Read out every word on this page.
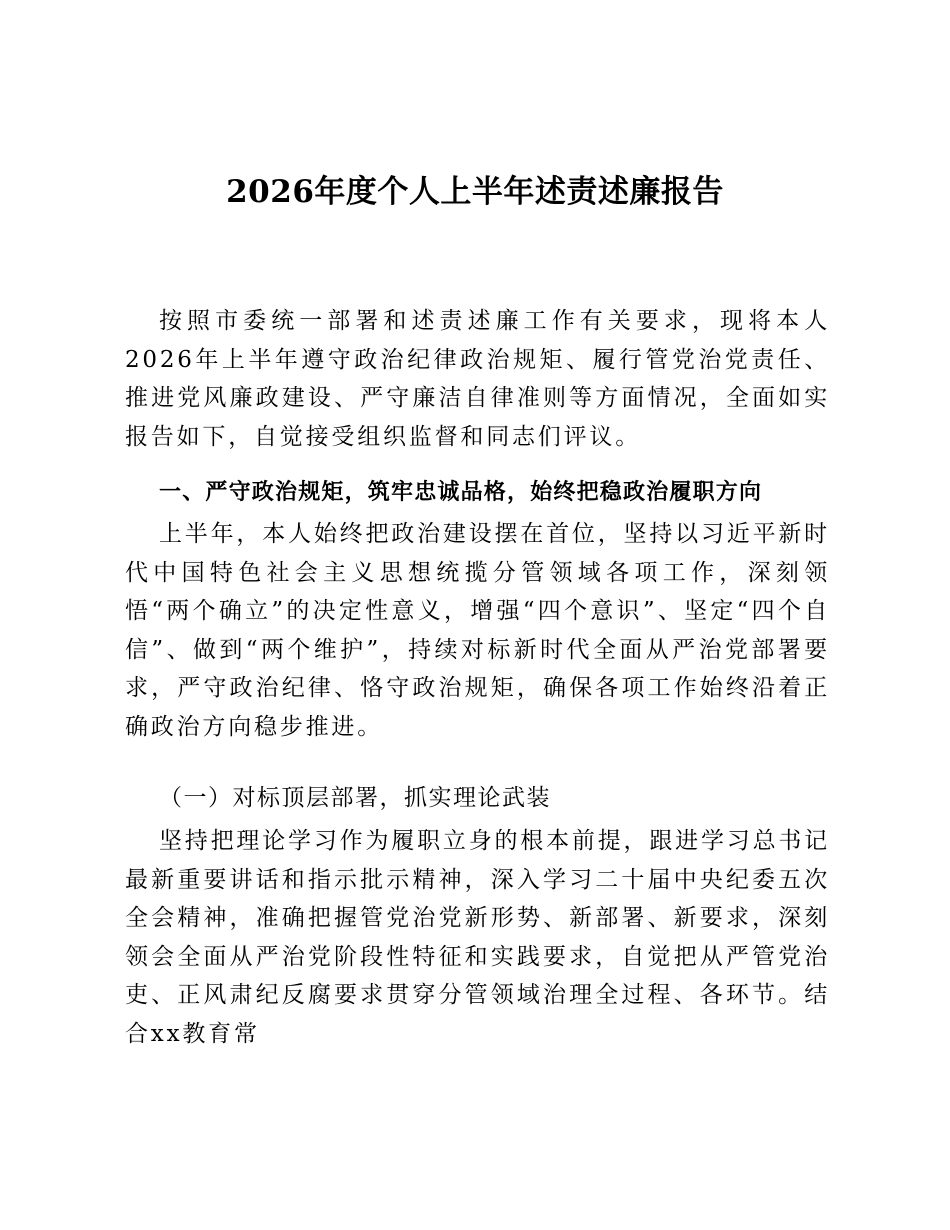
2026年度个人上半年述责述廉报告

按照市委统一部署和述责述廉工作有关要求，现将本人2026年上半年遵守政治纪律政治规矩、履行管党治党责任、推进党风廉政建设、严守廉洁自律准则等方面情况，全面如实报告如下，自觉接受组织监督和同志们评议。

一、严守政治规矩，筑牢忠诚品格，始终把稳政治履职方向

上半年，本人始终把政治建设摆在首位，坚持以习近平新时代中国特色社会主义思想统揽分管领域各项工作，深刻领悟“两个确立”的决定性意义，增强“四个意识”、坚定“四个自信”、做到“两个维护”，持续对标新时代全面从严治党部署要求，严守政治纪律、恪守政治规矩，确保各项工作始终沿着正确政治方向稳步推进。

（一）对标顶层部署，抓实理论武装

坚持把理论学习作为履职立身的根本前提，跟进学习总书记最新重要讲话和指示批示精神，深入学习二十届中央纪委五次全会精神，准确把握管党治党新形势、新部署、新要求，深刻领会全面从严治党阶段性特征和实践要求，自觉把从严管党治吏、正风肃纪反腐要求贯穿分管领域治理全过程、各环节。结合xx教育常
